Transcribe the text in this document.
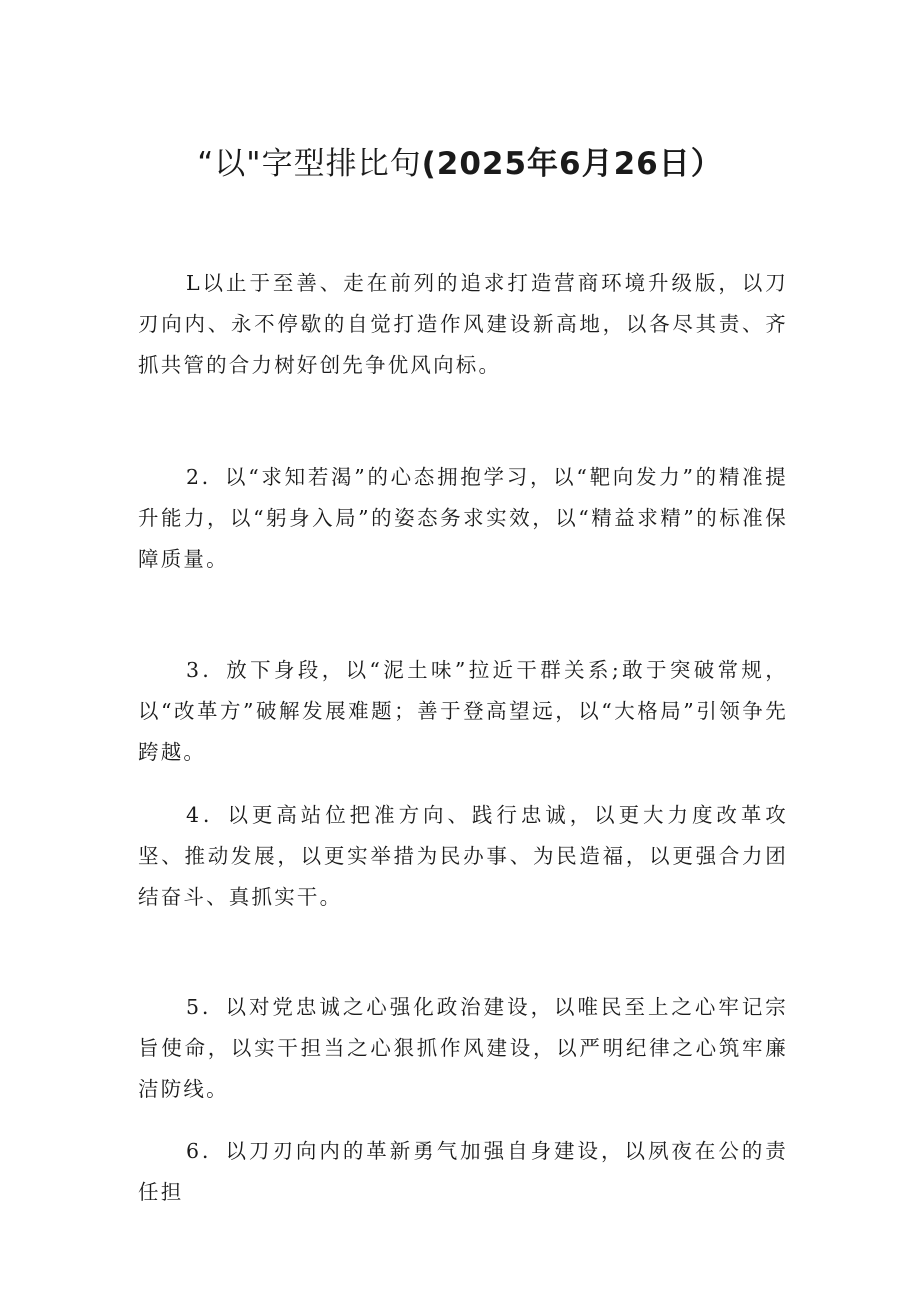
“以"字型排比句(2025年6月26日）

L以止于至善、走在前列的追求打造营商环境升级版，以刀刃向内、永不停歇的自觉打造作风建设新高地，以各尽其责、齐抓共管的合力树好创先争优风向标。

2．以“求知若渴”的心态拥抱学习，以“靶向发力”的精准提升能力，以“躬身入局”的姿态务求实效，以“精益求精”的标准保障质量。

3．放下身段，以“泥土味”拉近干群关系;敢于突破常规，以“改革方”破解发展难题；善于登高望远，以“大格局”引领争先跨越。

4．以更高站位把准方向、践行忠诚，以更大力度改革攻坚、推动发展，以更实举措为民办事、为民造福，以更强合力团结奋斗、真抓实干。

5．以对党忠诚之心强化政治建设，以唯民至上之心牢记宗旨使命，以实干担当之心狠抓作风建设，以严明纪律之心筑牢廉洁防线。

6．以刀刃向内的革新勇气加强自身建设，以夙夜在公的责任担
